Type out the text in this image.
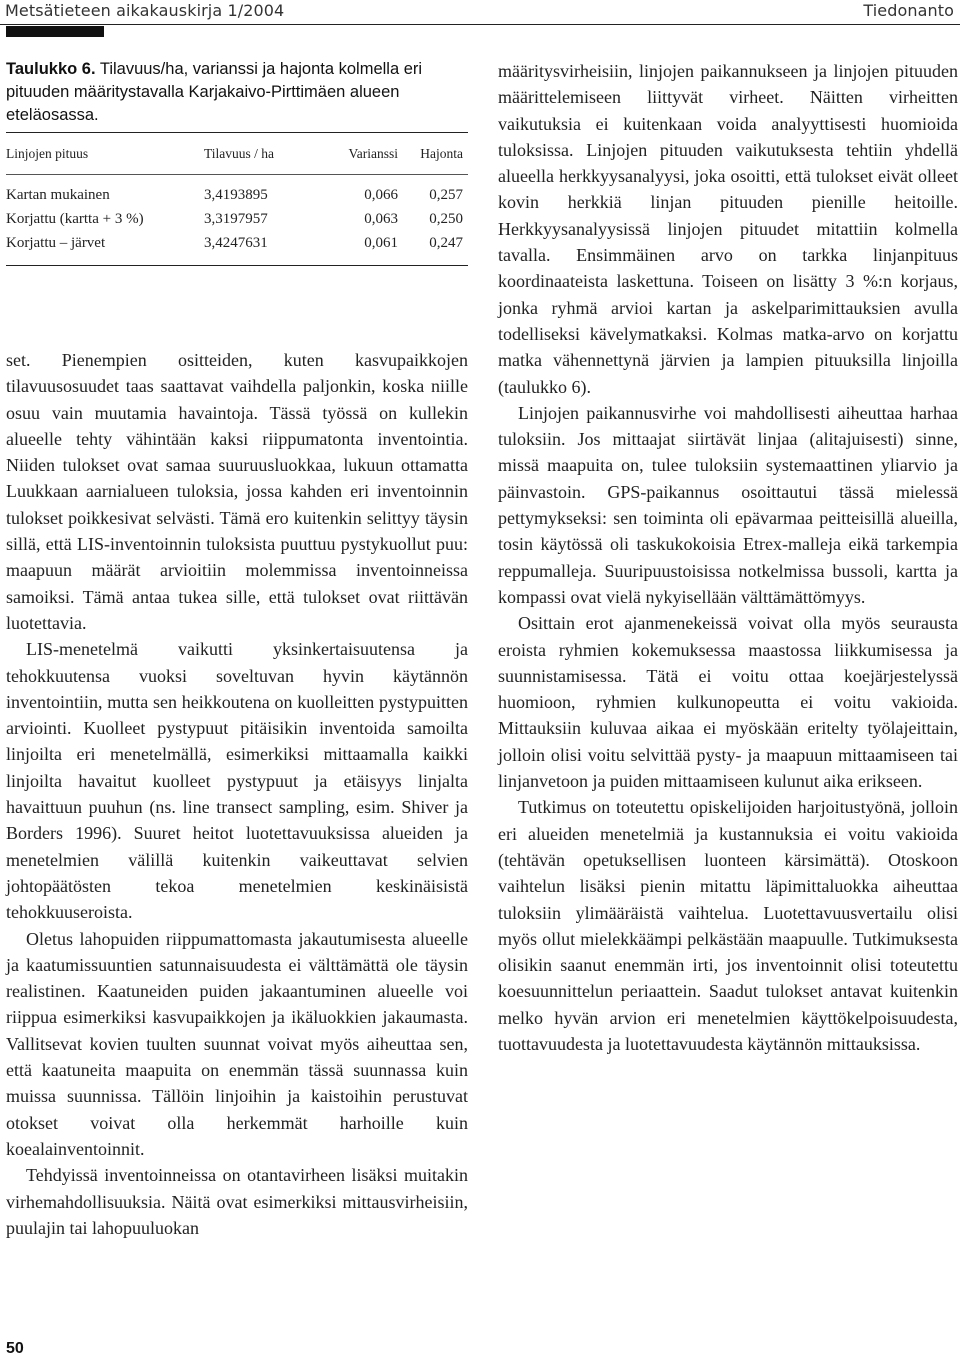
Metsätieteen aikakauskirja 1/2004	Tiedonanto

Taulukko 6. Tilavuus/ha, varianssi ja hajonta kolmella eri pituuden määritystavalla Karjakaivo-Pirttimäen alueen eteläosassa.

Linjojen pituus	Tilavuus / ha	Varianssi	Hajonta
Kartan mukainen	3,4193895	0,066	0,257
Korjattu (kartta + 3 %)	3,3197957	0,063	0,250
Korjattu – järvet	3,4247631	0,061	0,247

set. Pienempien ositteiden, kuten kasvupaikkojen tilavuusosuudet taas saattavat vaihdella paljonkin, koska niille osuu vain muutamia havaintoja. Tässä työssä on kullekin alueelle tehty vähintään kaksi riippumatonta inventointia. Niiden tulokset ovat samaa suuruusluokkaa, lukuun ottamatta Luukkaan aarnialueen tuloksia, jossa kahden eri inventoinnin tulokset poikkesivat selvästi. Tämä ero kuitenkin selittyy täysin sillä, että LIS-inventoinnin tuloksista puuttuu pystykuollut puu: maapuun määrät arvioitiin molemmissa inventoinneissa samoiksi. Tämä antaa tukea sille, että tulokset ovat riittävän luotettavia.

LIS-menetelmä vaikutti yksinkertaisuutensa ja tehokkuutensa vuoksi soveltuvan hyvin käytännön inventointiin, mutta sen heikkoutena on kuolleitten pystypuitten arviointi. Kuolleet pystypuut pitäisikin inventoida samoilta linjoilta eri menetelmällä, esimerkiksi mittaamalla kaikki linjoilta havaitut kuolleet pystypuut ja etäisyys linjalta havaittuun puuhun (ns. line transect sampling, esim. Shiver ja Borders 1996). Suuret heitot luotettavuuksissa alueiden ja menetelmien välillä kuitenkin vaikeuttavat selvien johtopäätösten tekoa menetelmien keskinäisistä tehokkuuseroista.

Oletus lahopuiden riippumattomasta jakautumisesta alueelle ja kaatumissuuntien satunnaisuudesta ei välttämättä ole täysin realistinen. Kaatuneiden puiden jakaantuminen alueelle voi riippua esimerkiksi kasvupaikkojen ja ikäluokkien jakaumasta. Vallitsevat kovien tuulten suunnat voivat myös aiheuttaa sen, että kaatuneita maapuita on enemmän tässä suunnassa kuin muissa suunnissa. Tällöin linjoihin ja kaistoihin perustuvat otokset voivat olla herkemmät harhoille kuin koealainventoinnit.

Tehdyissä inventoinneissa on otantavirheen lisäksi muitakin virhemahdollisuuksia. Näitä ovat esimerkiksi mittausvirheisiin, puulajin tai lahopuuluokan

määritysvirheisiin, linjojen paikannukseen ja linjojen pituuden määrittelemiseen liittyvät virheet. Näitten virheitten vaikutuksia ei kuitenkaan voida analyyttisesti huomioida tuloksissa. Linjojen pituuden vaikutuksesta tehtiin yhdellä alueella herkkyysanalyysi, joka osoitti, että tulokset eivät olleet kovin herkkiä linjan pituuden pienille heitoille. Herkkyysanalyysissä linjojen pituudet mitattiin kolmella tavalla. Ensimmäinen arvo on tarkka linjanpituus koordinaateista laskettuna. Toiseen on lisätty 3 %:n korjaus, jonka ryhmä arvioi kartan ja askelparimittauksien avulla todelliseksi kävelymatkaksi. Kolmas matka-arvo on korjattu matka vähennettynä järvien ja lampien pituuksilla linjoilla (taulukko 6).

Linjojen paikannusvirhe voi mahdollisesti aiheuttaa harhaa tuloksiin. Jos mittaajat siirtävät linjaa (alitajuisesti) sinne, missä maapuita on, tulee tuloksiin systemaattinen yliarvio ja päinvastoin. GPS-paikannus osoittautui tässä mielessä pettymykseksi: sen toiminta oli epävarmaa peitteisillä alueilla, tosin käytössä oli taskukokoisia Etrex-malleja eikä tarkempia reppumalleja. Suuripuustoisissa notkelmissa bussoli, kartta ja kompassi ovat vielä nykyisellään välttämättömyys.

Osittain erot ajanmenekeissä voivat olla myös seurausta eroista ryhmien kokemuksessa maastossa liikkumisessa ja suunnistamisessa. Tätä ei voitu ottaa koejärjestelyssä huomioon, ryhmien kulkunopeutta ei voitu vakioida. Mittauksiin kuluvaa aikaa ei myöskään eritelty työlajeittain, jolloin olisi voitu selvittää pysty- ja maapuun mittaamiseen tai linjanvetoon ja puiden mittaamiseen kulunut aika erikseen.

Tutkimus on toteutettu opiskelijoiden harjoitustyönä, jolloin eri alueiden menetelmiä ja kustannuksia ei voitu vakioida (tehtävän opetuksellisen luonteen kärsimättä). Otoskoon vaihtelun lisäksi pienin mitattu läpimittaluokka aiheuttaa tuloksiin ylimääräistä vaihtelua. Luotettavuusvertailu olisi myös ollut mielekkäämpi pelkästään maapuulle. Tutkimuksesta olisikin saanut enemmän irti, jos inventoinnit olisi toteutettu koesuunnittelun periaattein. Saadut tulokset antavat kuitenkin melko hyvän arvion eri menetelmien käyttökelpoisuudesta, tuottavuudesta ja luotettavuudesta käytännön mittauksissa.

50
